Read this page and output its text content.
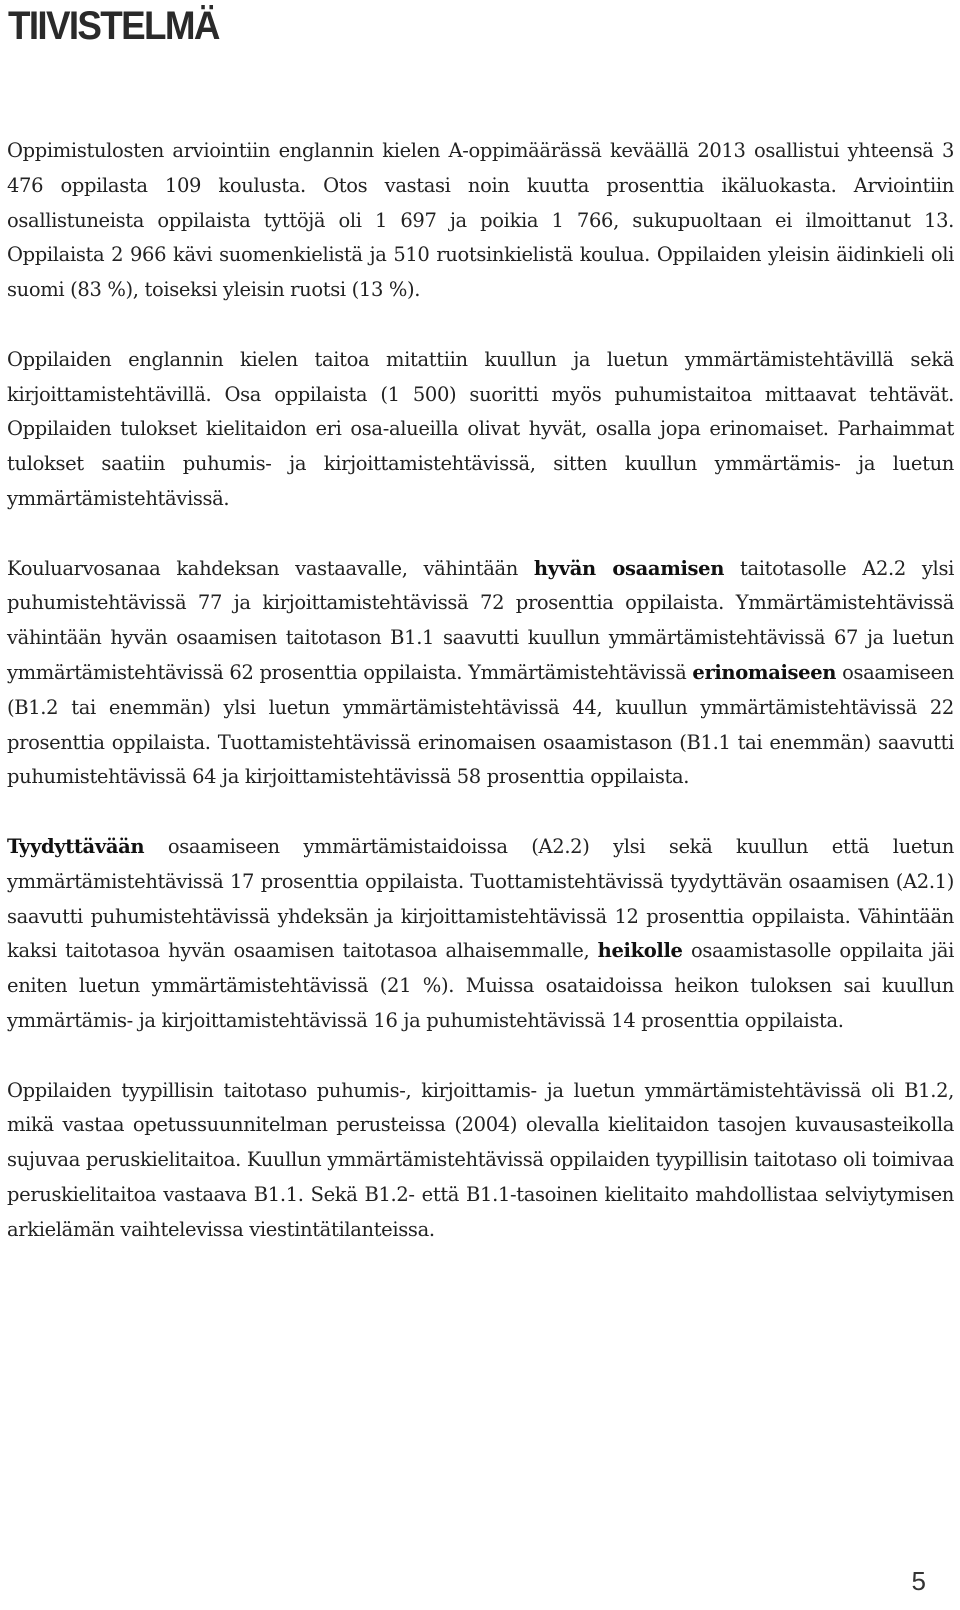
TIIVISTELMÄ

Oppimistulosten arviointiin englannin kielen A-oppimäärässä keväällä 2013 osallistui yhteensä 3 476 oppilasta 109 koulusta. Otos vastasi noin kuutta prosenttia ikäluokasta. Arviointiin osallistuneista oppilaista tyttöjä oli 1 697 ja poikia 1 766, sukupuoltaan ei ilmoittanut 13. Oppilaista 2 966 kävi suomenkielistä ja 510 ruotsinkielistä koulua. Oppilaiden yleisin äidinkieli oli suomi (83 %), toiseksi yleisin ruotsi (13 %).

Oppilaiden englannin kielen taitoa mitattiin kuullun ja luetun ymmärtämistehtävillä sekä kirjoittamistehtävillä. Osa oppilaista (1 500) suoritti myös puhumistaitoa mittaavat tehtävät. Oppilaiden tulokset kielitaidon eri osa-alueilla olivat hyvät, osalla jopa erinomaiset. Parhaimmat tulokset saatiin puhumis- ja kirjoittamistehtävissä, sitten kuullun ymmärtämis- ja luetun ymmärtämistehtävissä.

Kouluarvosanaa kahdeksan vastaavalle, vähintään hyvän osaamisen taitotasolle A2.2 ylsi puhumistehtävissä 77 ja kirjoittamistehtävissä 72 prosenttia oppilaista. Ymmärtämistehtävissä vähintään hyvän osaamisen taitotason B1.1 saavutti kuullun ymmärtämistehtävissä 67 ja luetun ymmärtämistehtävissä 62 prosenttia oppilaista. Ymmärtämistehtävissä erinomaiseen osaamiseen (B1.2 tai enemmän) ylsi luetun ymmärtämistehtävissä 44, kuullun ymmärtämistehtävissä 22 prosenttia oppilaista. Tuottamistehtävissä erinomaisen osaamistason (B1.1 tai enemmän) saavutti puhumistehtävissä 64 ja kirjoittamistehtävissä 58 prosenttia oppilaista.

Tyydyttävään osaamiseen ymmärtämistaidoissa (A2.2) ylsi sekä kuullun että luetun ymmärtämistehtävissä 17 prosenttia oppilaista. Tuottamistehtävissä tyydyttävän osaamisen (A2.1) saavutti puhumistehtävissä yhdeksän ja kirjoittamistehtävissä 12 prosenttia oppilaista. Vähintään kaksi taitotasoa hyvän osaamisen taitotasoa alhaisemmalle, heikolle osaamistasolle oppilaita jäi eniten luetun ymmärtämistehtävissä (21 %). Muissa osataidoissa heikon tuloksen sai kuullun ymmärtämis- ja kirjoittamistehtävissä 16 ja puhumistehtävissä 14 prosenttia oppilaista.

Oppilaiden tyypillisin taitotaso puhumis-, kirjoittamis- ja luetun ymmärtämistehtävissä oli B1.2, mikä vastaa opetussuunnitelman perusteissa (2004) olevalla kielitaidon tasojen kuvausasteikolla sujuvaa peruskielitaitoa. Kuullun ymmärtämistehtävissä oppilaiden tyypillisin taitotaso oli toimivaa peruskielitaitoa vastaava B1.1. Sekä B1.2- että B1.1-tasoinen kielitaito mahdollistaa selviytymisen arkielämän vaihtelevissa viestintätilanteissa.

5
